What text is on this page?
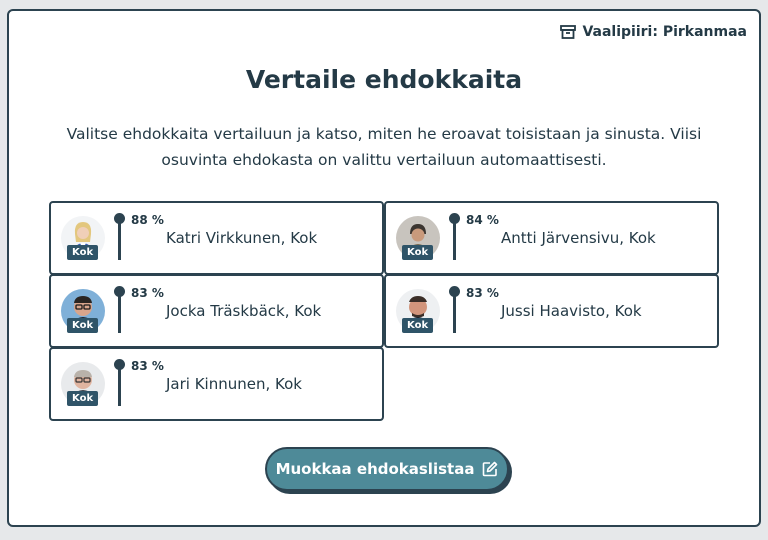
Vaalipiiri: Pirkanmaa
Vertaile ehdokkaita

Valitse ehdokkaita vertailuun ja katso, miten he eroavat toisistaan ja sinusta. Viisi osuvinta ehdokasta on valittu vertailuun automaattisesti.

Kok
88 %
Katri Virkkunen, Kok
Kok
84 %
Antti Järvensivu, Kok
Kok
83 %
Jocka Träskbäck, Kok
Kok
83 %
Jussi Haavisto, Kok
Kok
83 %
Jari Kinnunen, Kok
Muokkaa ehdokaslistaa
